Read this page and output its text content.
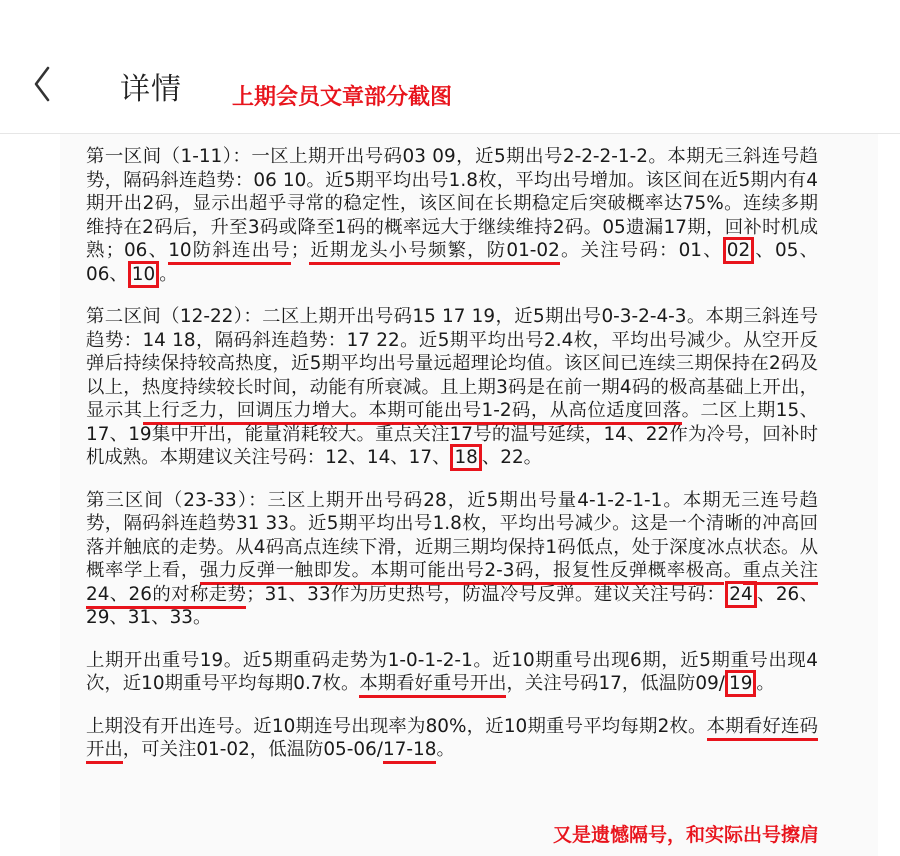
详情 上期会员文章部分截图

第一区间（1-11）：一区上期开出号码03 09，近5期出号2-2-2-1-2。本期无三斜连号趋势，隔码斜连趋势：06 10。近5期平均出号1.8枚，平均出号增加。该区间在近5期内有4期开出2码，显示出超乎寻常的稳定性，该区间在长期稳定后突破概率达75%。连续多期维持在2码后，升至3码或降至1码的概率远大于继续维持2码。05遗漏17期，回补时机成熟；06、10防斜连出号；近期龙头小号频繁，防01-02。关注号码：01、 02 、05、06、 10 。

第二区间（12-22）：二区上期开出号码15 17 19，近5期出号0-3-2-4-3。本期三斜连号趋势：14 18，隔码斜连趋势：17 22。近5期平均出号2.4枚，平均出号减少。从空开反弹后持续保持较高热度，近5期平均出号量远超理论均值。该区间已连续三期保持在2码及以上，热度持续较长时间，动能有所衰减。且上期3码是在前一期4码的极高基础上开出，显示其上行乏力，回调压力增大。本期可能出号1-2码，从高位适度回落。二区上期15、17、19集中开出，能量消耗较大。重点关注17号的温号延续，14、22作为冷号，回补时机成熟。本期建议关注号码：12、14、17、 18 、22。

第三区间（23-33）：三区上期开出号码28，近5期出号量4-1-2-1-1。本期无三连号趋势，隔码斜连趋势31 33。近5期平均出号1.8枚，平均出号减少。这是一个清晰的冲高回落并触底的走势。从4码高点连续下滑，近期三期均保持1码低点，处于深度冰点状态。从概率学上看，强力反弹一触即发。本期可能出号2-3码，报复性反弹概率极高。重点关注24、26的对称走势；31、33作为历史热号，防温冷号反弹。建议关注号码： 24 、26、29、31、33。

上期开出重号19。近5期重码走势为1-0-1-2-1。近10期重号出现6期，近5期重号出现4次，近10期重号平均每期0.7枚。本期看好重号开出，关注号码17，低温防09/ 19 。

上期没有开出连号。近10期连号出现率为80%，近10期重号平均每期2枚。本期看好连码开出，可关注01-02，低温防05-06/17-18。

又是遗憾隔号，和实际出号擦肩
